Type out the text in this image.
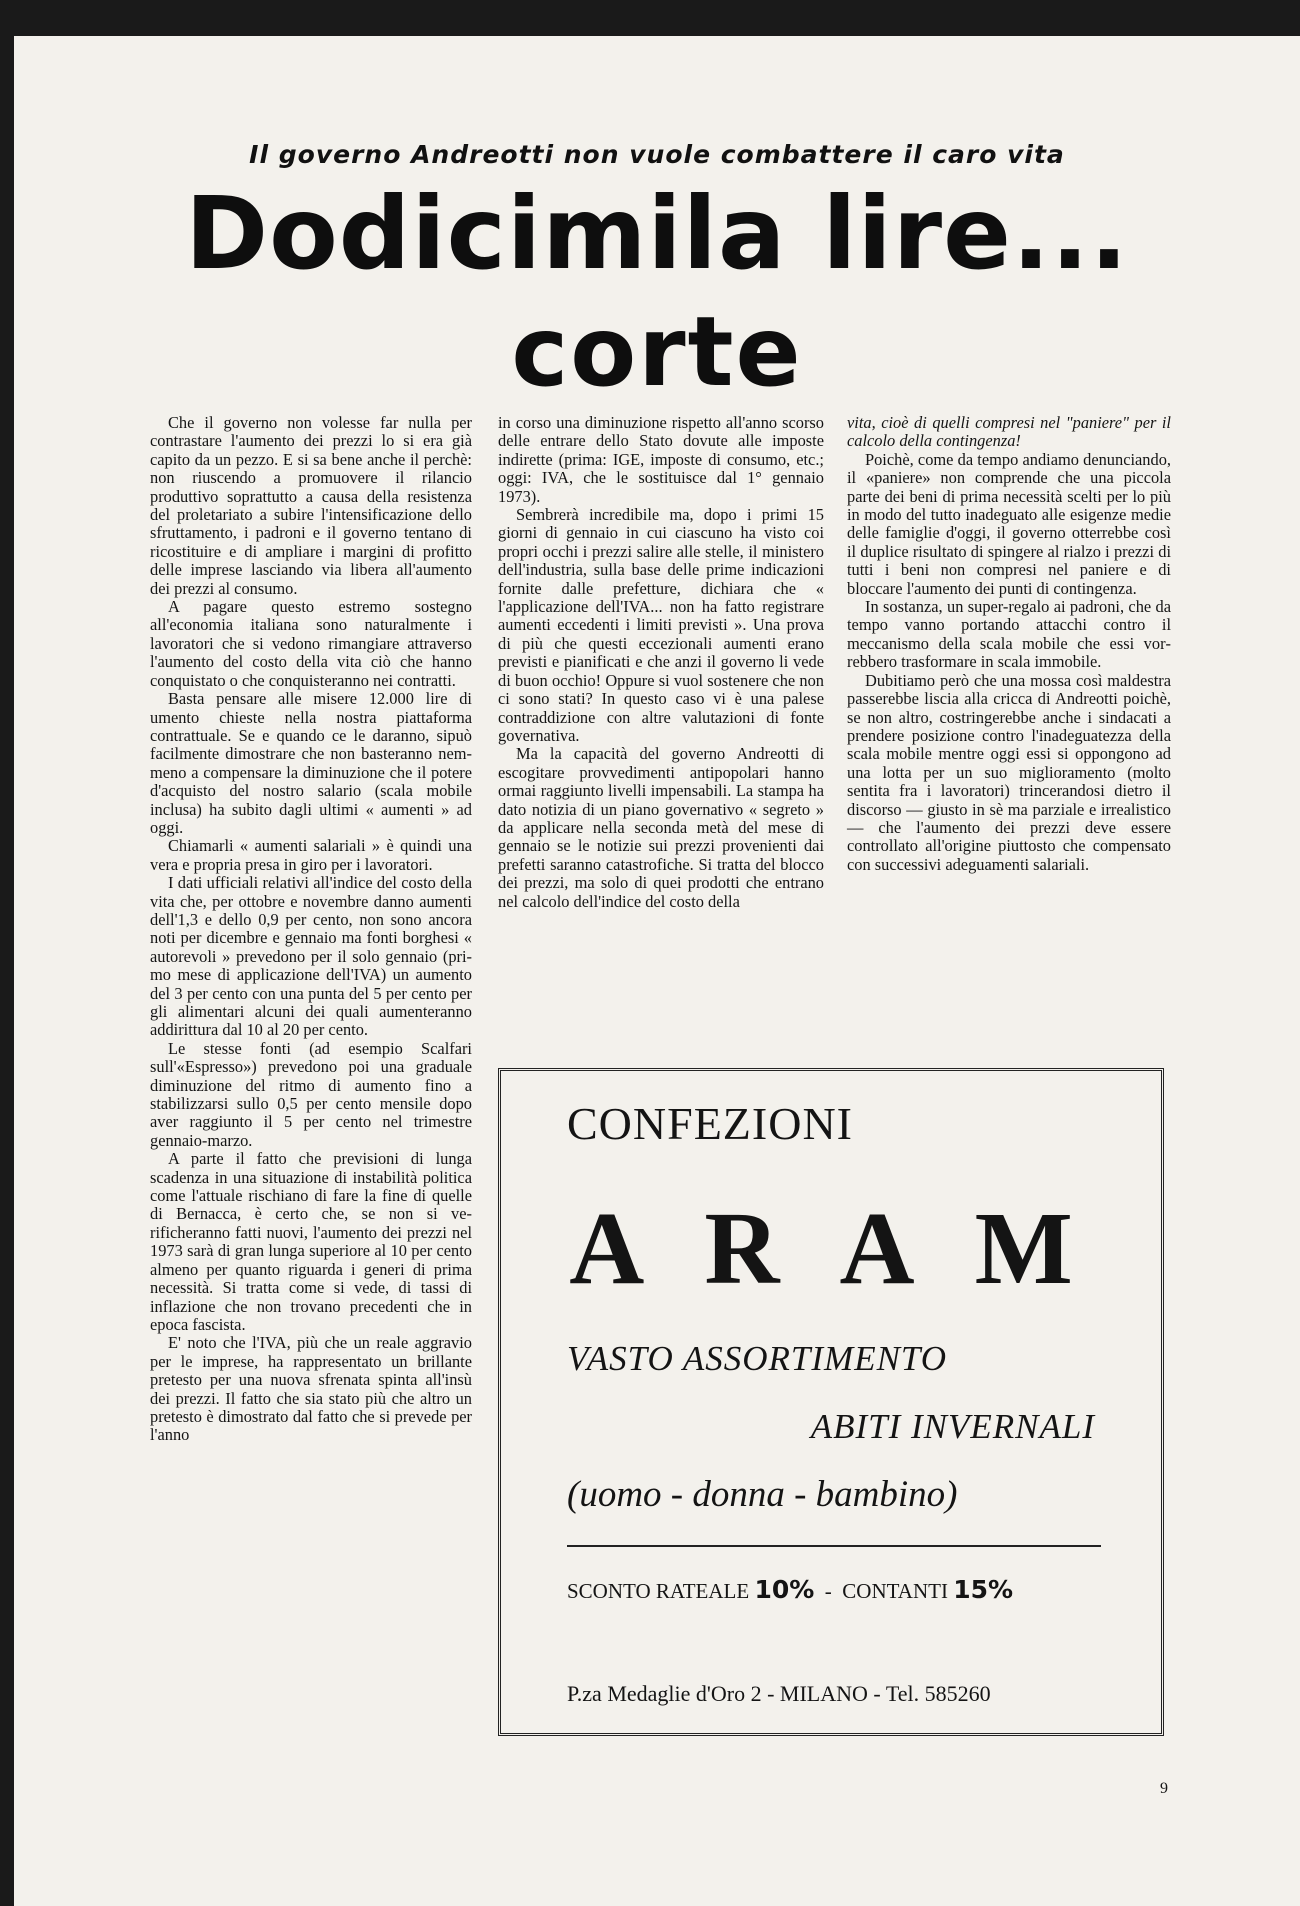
Il governo Andreotti non vuole combattere il caro vita
Dodicimila lire...
corte

Che il governo non volesse far nulla per contrastare l'aumento dei prezzi lo si era già capito da un pezzo. E si sa bene anche il perchè: non riuscendo a promuovere il rilancio produttivo soprattutto a causa della resistenza del proletariato a subire l'intensificazione dello sfruttamento, i padroni e il governo tentano di ricostituire e di ampliare i margini di profitto delle imprese lasciando via libera all'aumento dei prezzi al consumo.

A pagare questo estremo sostegno all'economia italiana sono naturalmente i lavoratori che si vedono rimangiare attraverso l'aumento del costo della vita ciò che hanno conquistato o che conquisteranno nei contratti.

Basta pensare alle misere 12.000 lire di umento chieste nella nostra piattaforma contrattuale. Se e quando ce le daranno, sipuò facilmente dimostrare che non basteranno nemmeno a compensare la diminuzione che il potere d'acquisto del nostro salario (scala mobile inclusa) ha subito dagli ultimi « aumenti » ad oggi.

Chiamarli « aumenti salariali » è quindi una vera e propria presa in giro per i lavoratori.

I dati ufficiali relativi all'indice del costo della vita che, per ottobre e novembre danno aumenti dell'1,3 e dello 0,9 per cento, non sono ancora noti per dicembre e gennaio ma fonti borghesi « autorevoli » prevedono per il solo gennaio (primo mese di applicazione dell'IVA) un aumento del 3 per cento con una punta del 5 per cento per gli alimentari alcuni dei quali aumenteranno addirittura dal 10 al 20 per cento.

Le stesse fonti (ad esempio Scalfari sull'«Espresso») prevedono poi una graduale diminuzione del ritmo di aumento fino a stabilizzarsi sullo 0,5 per cento mensile dopo aver raggiunto il 5 per cento nel trimestre gennaio-marzo.

A parte il fatto che previsioni di lunga scadenza in una situazione di instabilità politica come l'attuale rischiano di fare la fine di quelle di Bernacca, è certo che, se non si verificheranno fatti nuovi, l'aumento dei prezzi nel 1973 sarà di gran lunga superiore al 10 per cento almeno per quanto riguarda i generi di prima necessità. Si tratta come si vede, di tassi di inflazione che non trovano precedenti che in epoca fascista.

E' noto che l'IVA, più che un reale aggravio per le imprese, ha rappresentato un brillante pretesto per una nuova sfrenata spinta all'insù dei prezzi. Il fatto che sia stato più che altro un pretesto è dimostrato dal fatto che si prevede per l'anno

in corso una diminuzione rispetto all'anno scorso delle entrare dello Stato dovute alle imposte indirette (prima: IGE, imposte di consumo, etc.; oggi: IVA, che le sostituisce dal 1° gennaio 1973).

Sembrerà incredibile ma, dopo i primi 15 giorni di gennaio in cui ciascuno ha visto coi propri occhi i prezzi salire alle stelle, il ministero dell'industria, sulla base delle prime indicazioni fornite dalle prefetture, dichiara che « l'applicazione dell'IVA... non ha fatto registrare aumenti eccedenti i limiti previsti ». Una prova di più che questi eccezionali aumenti erano previsti e pianificati e che anzi il governo li vede di buon occhio! Oppure si vuol sostenere che non ci sono stati? In questo caso vi è una palese contraddizione con altre valutazioni di fonte governativa.

Ma la capacità del governo Andreotti di escogitare provvedimenti antipopolari hanno ormai raggiunto livelli impensabili. La stampa ha dato notizia di un piano governativo « segreto » da applicare nella seconda metà del mese di gennaio se le notizie sui prezzi provenienti dai prefetti saranno catastrofiche. Si tratta del blocco dei prezzi, ma solo di quei prodotti che entrano nel calcolo dell'indice del costo della

vita, cioè di quelli compresi nel "paniere" per il calcolo della contingenza!

Poichè, come da tempo andiamo denunciando, il «paniere» non comprende che una piccola parte dei beni di prima necessità scelti per lo più in modo del tutto inadeguato alle esigenze medie delle famiglie d'oggi, il governo otterrebbe così il duplice risultato di spingere al rialzo i prezzi di tutti i beni non compresi nel paniere e di bloccare l'aumento dei punti di contingenza.

In sostanza, un super-regalo ai padroni, che da tempo vanno portando attacchi contro il meccanismo della scala mobile che essi vorrebbero trasformare in scala immobile.

Dubitiamo però che una mossa così maldestra passerebbe liscia alla cricca di Andreotti poichè, se non altro, costringerebbe anche i sindacati a prendere posizione contro l'inadeguatezza della scala mobile mentre oggi essi si oppongono ad una lotta per un suo miglioramento (molto sentita fra i lavoratori) trincerandosi dietro il discorso — giusto in sè ma parziale e irrealistico — che l'aumento dei prezzi deve essere controllato all'origine piuttosto che compensato con successivi adeguamenti salariali.

CONFEZIONI
ARAM
VASTO ASSORTIMENTO
ABITI INVERNALI
(uomo - donna - bambino)
SCONTO RATEALE 10% - CONTANTI 15%
P.za Medaglie d'Oro 2 - MILANO - Tel. 585260
9
